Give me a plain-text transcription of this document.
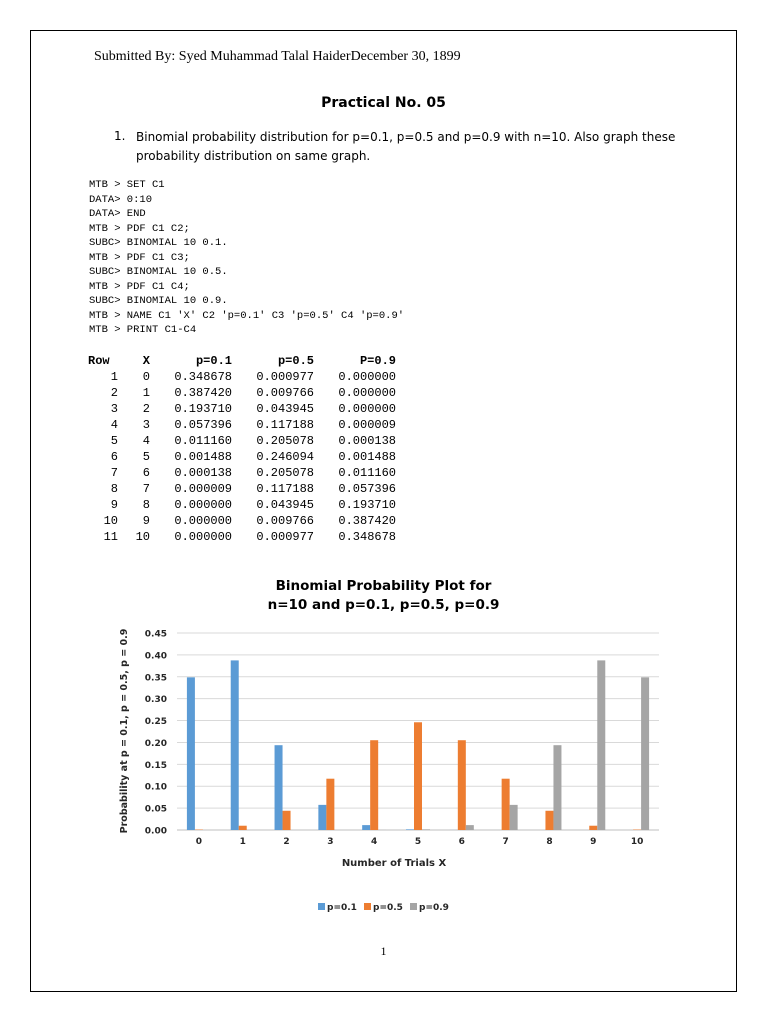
Submitted By: Syed Muhammad Talal HaiderDecember 30, 1899
Practical No. 05
1. Binomial probability distribution for p=0.1, p=0.5 and p=0.9 with n=10. Also graph these probability distribution on same graph.
MTB > SET C1
DATA> 0:10
DATA> END
MTB > PDF C1 C2;
SUBC> BINOMIAL 10 0.1.
MTB > PDF C1 C3;
SUBC> BINOMIAL 10 0.5.
MTB > PDF C1 C4;
SUBC> BINOMIAL 10 0.9.
MTB > NAME C1 'X' C2 'p=0.1' C3 'p=0.5' C4 'p=0.9'
MTB > PRINT C1-C4
Row	X	p=0.1	p=0.5	P=0.9
1	0	0.348678	0.000977	0.000000
2	1	0.387420	0.009766	0.000000
3	2	0.193710	0.043945	0.000000
4	3	0.057396	0.117188	0.000009
5	4	0.011160	0.205078	0.000138
6	5	0.001488	0.246094	0.001488
7	6	0.000138	0.205078	0.011160
8	7	0.000009	0.117188	0.057396
9	8	0.000000	0.043945	0.193710
10	9	0.000000	0.009766	0.387420
11	10	0.000000	0.000977	0.348678
Binomial Probability Plot for
n=10 and p=0.1, p=0.5, p=0.9
0.00
0.05
0.10
0.15
0.20
0.25
0.30
0.35
0.40
0.45
0	1	2	3	4	5	6	7	8	9	10
Number of Trials X
Probability at p = 0.1, p = 0.5, p = 0.9
p=0.1 p=0.5 p=0.9
1
